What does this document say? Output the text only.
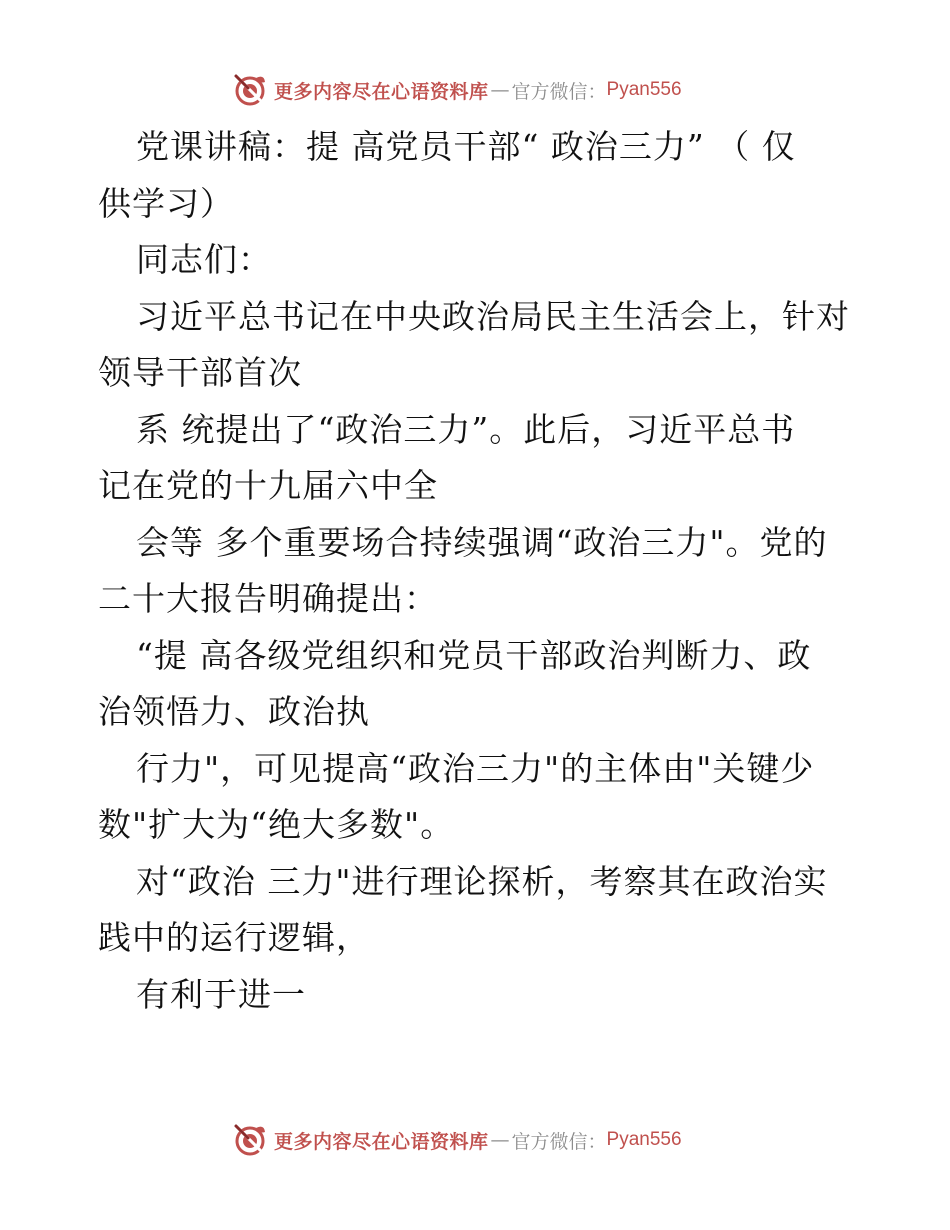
更多内容尽在心语资料库 — 官方微信： Pyan556
党课讲稿：提 高党员干部“ 政治三力” （ 仅
供学习）
同志们：
习近平总书记在中央政治局民主生活会上，针对
领导干部首次
系 统提出了“政治三力”。此后，习近平总书
记在党的十九届六中全
会等 多个重要场合持续强调“政治三力"。党的
二十大报告明确提出：
“提 高各级党组织和党员干部政治判断力、政
治领悟力、政治执
行力"，可见提高“政治三力"的主体由"关键少
数"扩大为“绝大多数"。
对“政治 三力"进行理论探析，考察其在政治实
践中的运行逻辑，
有利于进一
更多内容尽在心语资料库 — 官方微信： Pyan556
